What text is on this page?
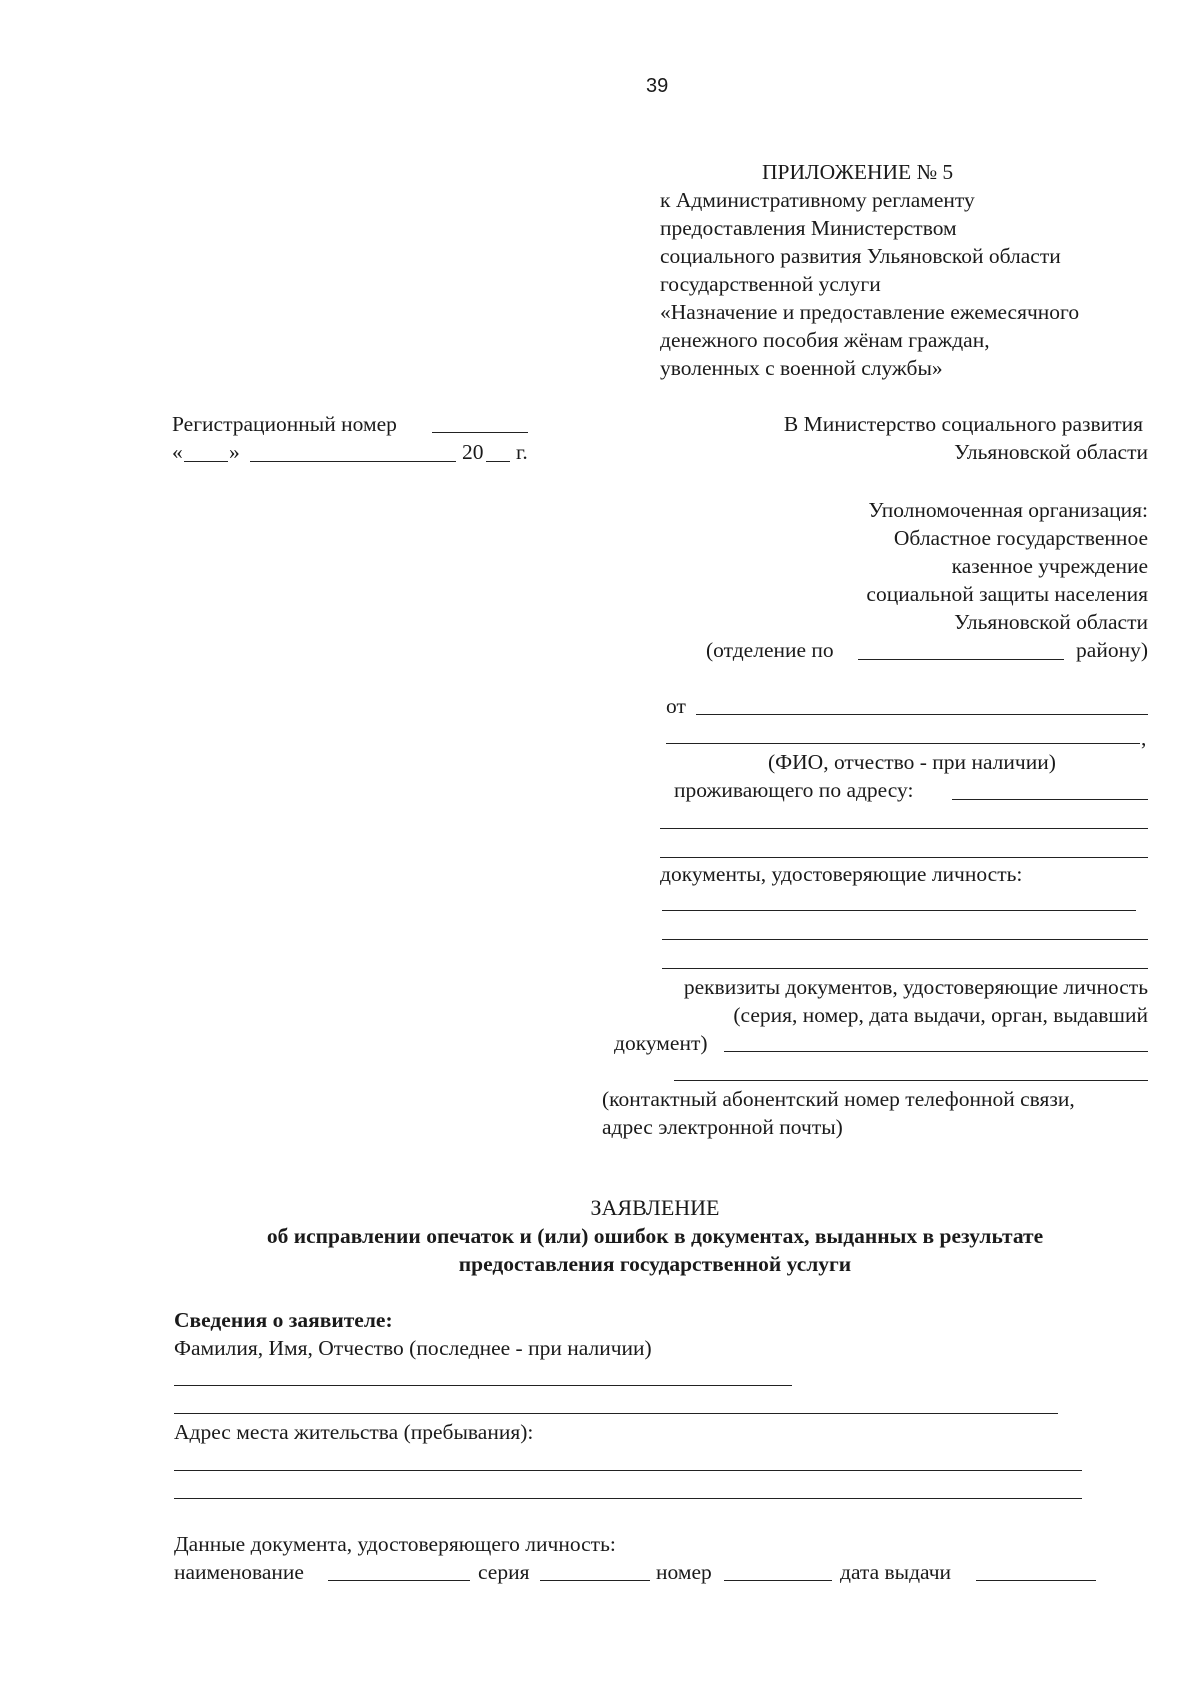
39
ПРИЛОЖЕНИЕ № 5
к Административному регламенту
предоставления Министерством
социального развития Ульяновской области
государственной услуги
«Назначение и предоставление ежемесячного
денежного пособия жёнам граждан,
уволенных с военной службы»
Регистрационный номер
« »	20 г.
В Министерство социального развития
Ульяновской области
Уполномоченная организация:
Областное государственное
казенное учреждение
социальной защиты населения
Ульяновской области
(отделение по	району)
от
,
(ФИО, отчество - при наличии)
проживающего по адресу:
документы, удостоверяющие личность:
реквизиты документов, удостоверяющие личность
(серия, номер, дата выдачи, орган, выдавший
документ)
(контактный абонентский номер телефонной связи,
адрес электронной почты)
ЗАЯВЛЕНИЕ
об исправлении опечаток и (или) ошибок в документах, выданных в результате
предоставления государственной услуги
Сведения о заявителе:
Фамилия, Имя, Отчество (последнее - при наличии)
Адрес места жительства (пребывания):
Данные документа, удостоверяющего личность:
наименование	серия	номер	дата выдачи
